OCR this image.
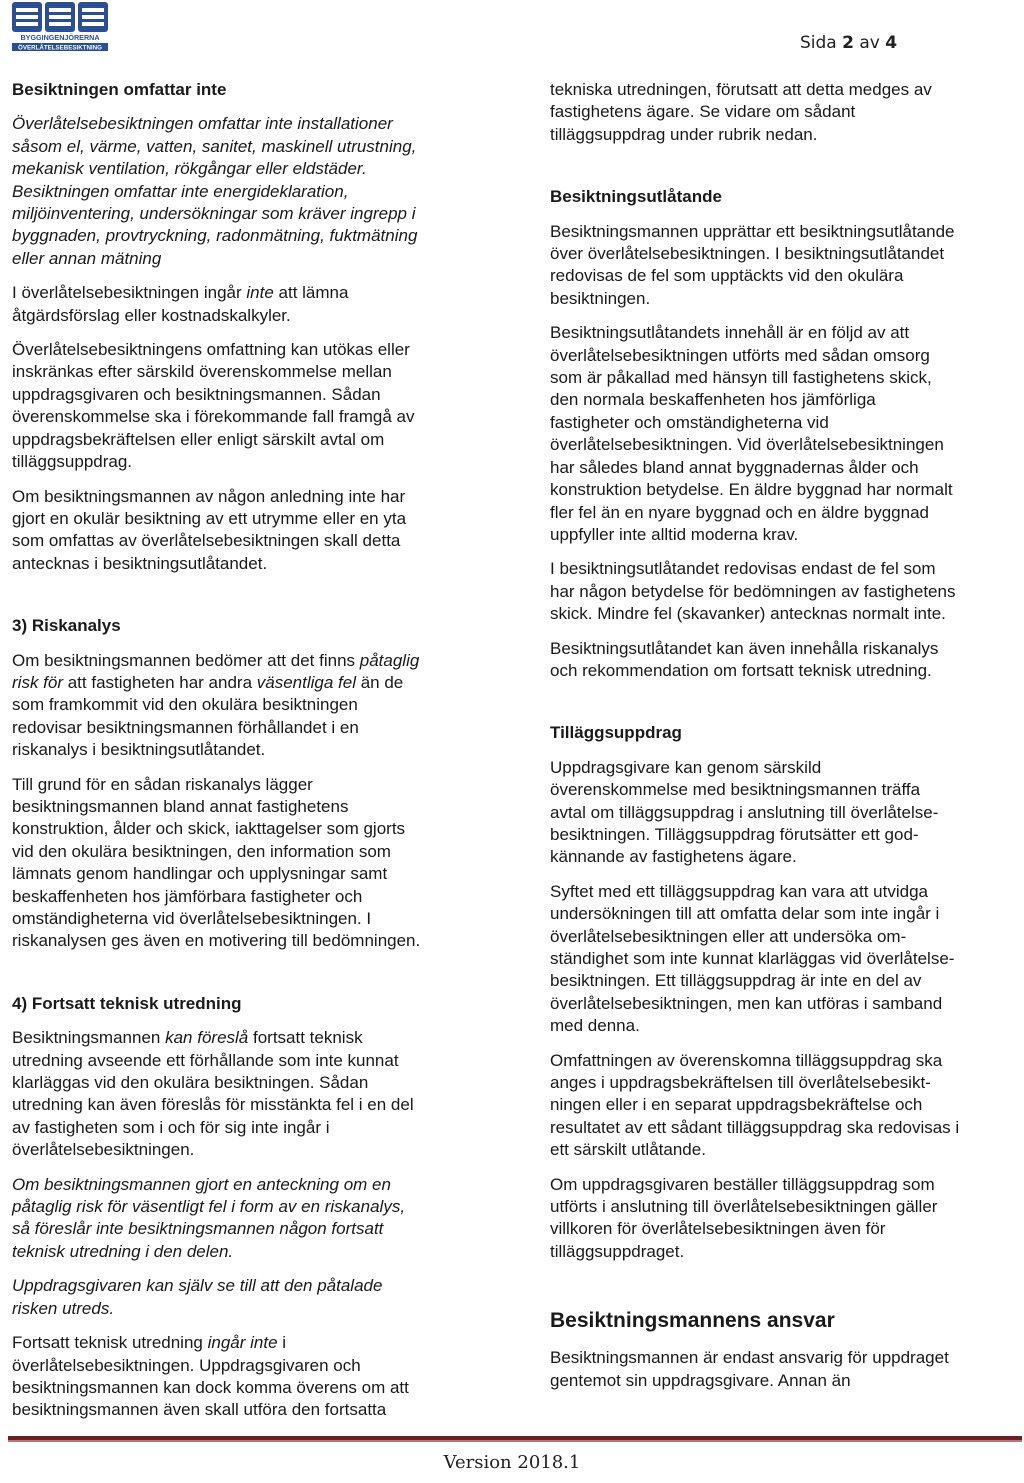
BYGGINGENJÖRERNA
ÖVERLÅTELSEBESIKTNING	Sida 2 av 4
Besiktningen omfattar inte

Överlåtelsebesiktningen omfattar inte installationer
såsom el, värme, vatten, sanitet, maskinell utrustning,
mekanisk ventilation, rökgångar eller eldstäder.
Besiktningen omfattar inte energideklaration,
miljöinventering, undersökningar som kräver ingrepp i
byggnaden, provtryckning, radonmätning, fuktmätning
eller annan mätning

I överlåtelsebesiktningen ingår inte att lämna
åtgärdsförslag eller kostnadskalkyler.

Överlåtelsebesiktningens omfattning kan utökas eller
inskränkas efter särskild överenskommelse mellan
uppdragsgivaren och besiktningsmannen. Sådan
överenskommelse ska i förekommande fall framgå av
uppdragsbekräftelsen eller enligt särskilt avtal om
tilläggsuppdrag.

Om besiktningsmannen av någon anledning inte har
gjort en okulär besiktning av ett utrymme eller en yta
som omfattas av överlåtelsebesiktningen skall detta
antecknas i besiktningsutlåtandet.

3) Riskanalys

Om besiktningsmannen bedömer att det finns påtaglig
risk för att fastigheten har andra väsentliga fel än de
som framkommit vid den okulära besiktningen
redovisar besiktningsmannen förhållandet i en
riskanalys i besiktningsutlåtandet.

Till grund för en sådan riskanalys lägger
besiktningsmannen bland annat fastighetens
konstruktion, ålder och skick, iakttagelser som gjorts
vid den okulära besiktningen, den information som
lämnats genom handlingar och upplysningar samt
beskaffenheten hos jämförbara fastigheter och
omständigheterna vid överlåtelsebesiktningen. I
riskanalysen ges även en motivering till bedömningen.

4) Fortsatt teknisk utredning

Besiktningsmannen kan föreslå fortsatt teknisk
utredning avseende ett förhållande som inte kunnat
klarläggas vid den okulära besiktningen. Sådan
utredning kan även föreslås för misstänkta fel i en del
av fastigheten som i och för sig inte ingår i
överlåtelsebesiktningen.

Om besiktningsmannen gjort en anteckning om en
påtaglig risk för väsentligt fel i form av en riskanalys,
så föreslår inte besiktningsmannen någon fortsatt
teknisk utredning i den delen.

Uppdragsgivaren kan själv se till att den påtalade
risken utreds.

Fortsatt teknisk utredning ingår inte i
överlåtelsebesiktningen. Uppdragsgivaren och
besiktningsmannen kan dock komma överens om att
besiktningsmannen även skall utföra den fortsatta

tekniska utredningen, förutsatt att detta medges av
fastighetens ägare. Se vidare om sådant
tilläggsuppdrag under rubrik nedan.

Besiktningsutlåtande

Besiktningsmannen upprättar ett besiktningsutlåtande
över överlåtelsebesiktningen. I besiktningsutlåtandet
redovisas de fel som upptäckts vid den okulära
besiktningen.

Besiktningsutlåtandets innehåll är en följd av att
överlåtelsebesiktningen utförts med sådan omsorg
som är påkallad med hänsyn till fastighetens skick,
den normala beskaffenheten hos jämförliga
fastigheter och omständigheterna vid
överlåtelsebesiktningen. Vid överlåtelsebesiktningen
har således bland annat byggnadernas ålder och
konstruktion betydelse. En äldre byggnad har normalt
fler fel än en nyare byggnad och en äldre byggnad
uppfyller inte alltid moderna krav.

I besiktningsutlåtandet redovisas endast de fel som
har någon betydelse för bedömningen av fastighetens
skick. Mindre fel (skavanker) antecknas normalt inte.

Besiktningsutlåtandet kan även innehålla riskanalys
och rekommendation om fortsatt teknisk utredning.

Tilläggsuppdrag

Uppdragsgivare kan genom särskild
överenskommelse med besiktningsmannen träffa
avtal om tilläggsuppdrag i anslutning till överlåtelse-
besiktningen. Tilläggsuppdrag förutsätter ett god-
kännande av fastighetens ägare.

Syftet med ett tilläggsuppdrag kan vara att utvidga
undersökningen till att omfatta delar som inte ingår i
överlåtelsebesiktningen eller att undersöka om-
ständighet som inte kunnat klarläggas vid överlåtelse-
besiktningen. Ett tilläggsuppdrag är inte en del av
överlåtelsebesiktningen, men kan utföras i samband
med denna.

Omfattningen av överenskomna tilläggsuppdrag ska
anges i uppdragsbekräftelsen till överlåtelsebesikt-
ningen eller i en separat uppdragsbekräftelse och
resultatet av ett sådant tilläggsuppdrag ska redovisas i
ett särskilt utlåtande.

Om uppdragsgivaren beställer tilläggsuppdrag som
utförts i anslutning till överlåtelsebesiktningen gäller
villkoren för överlåtelsebesiktningen även för
tilläggsuppdraget.

Besiktningsmannens ansvar

Besiktningsmannen är endast ansvarig för uppdraget
gentemot sin uppdragsgivare. Annan än

Version 2018.1
